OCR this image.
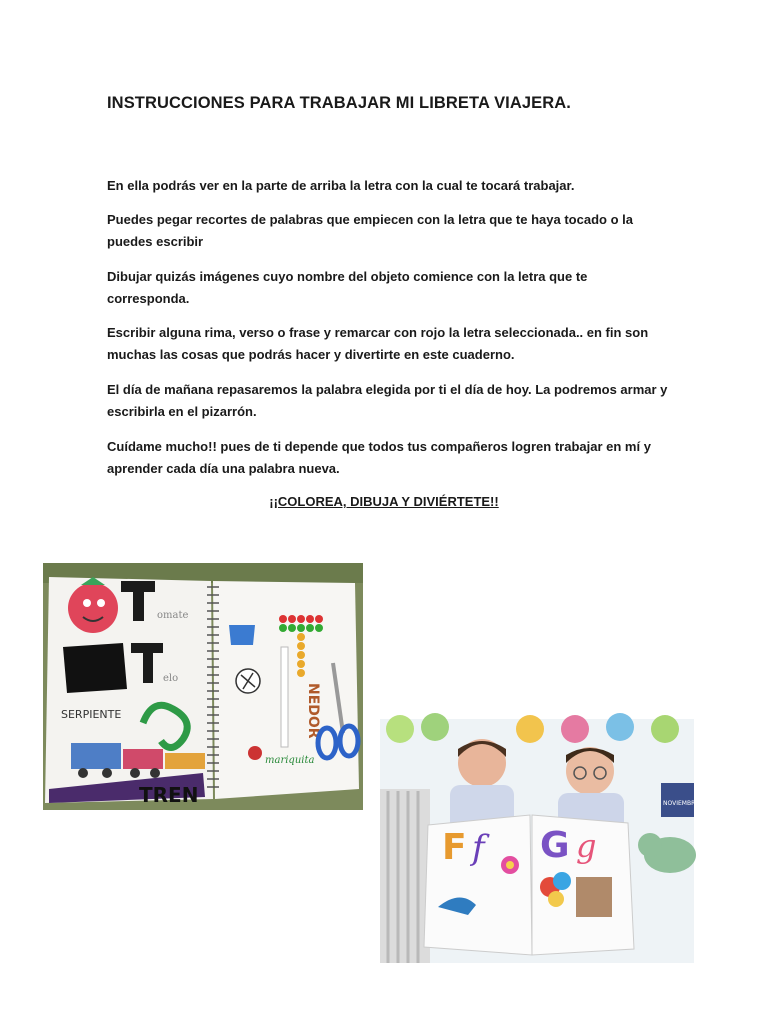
INSTRUCCIONES PARA TRABAJAR MI LIBRETA VIAJERA.

En ella podrás ver en la parte de arriba la letra con la cual te tocará trabajar.

Puedes pegar recortes de palabras que empiecen con la letra que te haya tocado o la puedes escribir

Dibujar quizás imágenes cuyo nombre del objeto comience con la letra que te corresponda.

Escribir alguna rima, verso o frase y remarcar con rojo la letra seleccionada.. en fin son muchas las cosas que podrás hacer y divertirte en este cuaderno.

El día de mañana repasaremos la palabra elegida por ti el día de hoy. La podremos armar y escribirla en el pizarrón.

Cuídame mucho!! pues de ti depende que todos tus compañeros logren trabajar en mí y aprender cada día una palabra nueva.

¡¡COLOREA, DIBUJA Y DIVIÉRTETE!!

omate
elo
SERPIENTE
TREN
NEDOR
mariquita
NOVIEMBRE
F f G g
